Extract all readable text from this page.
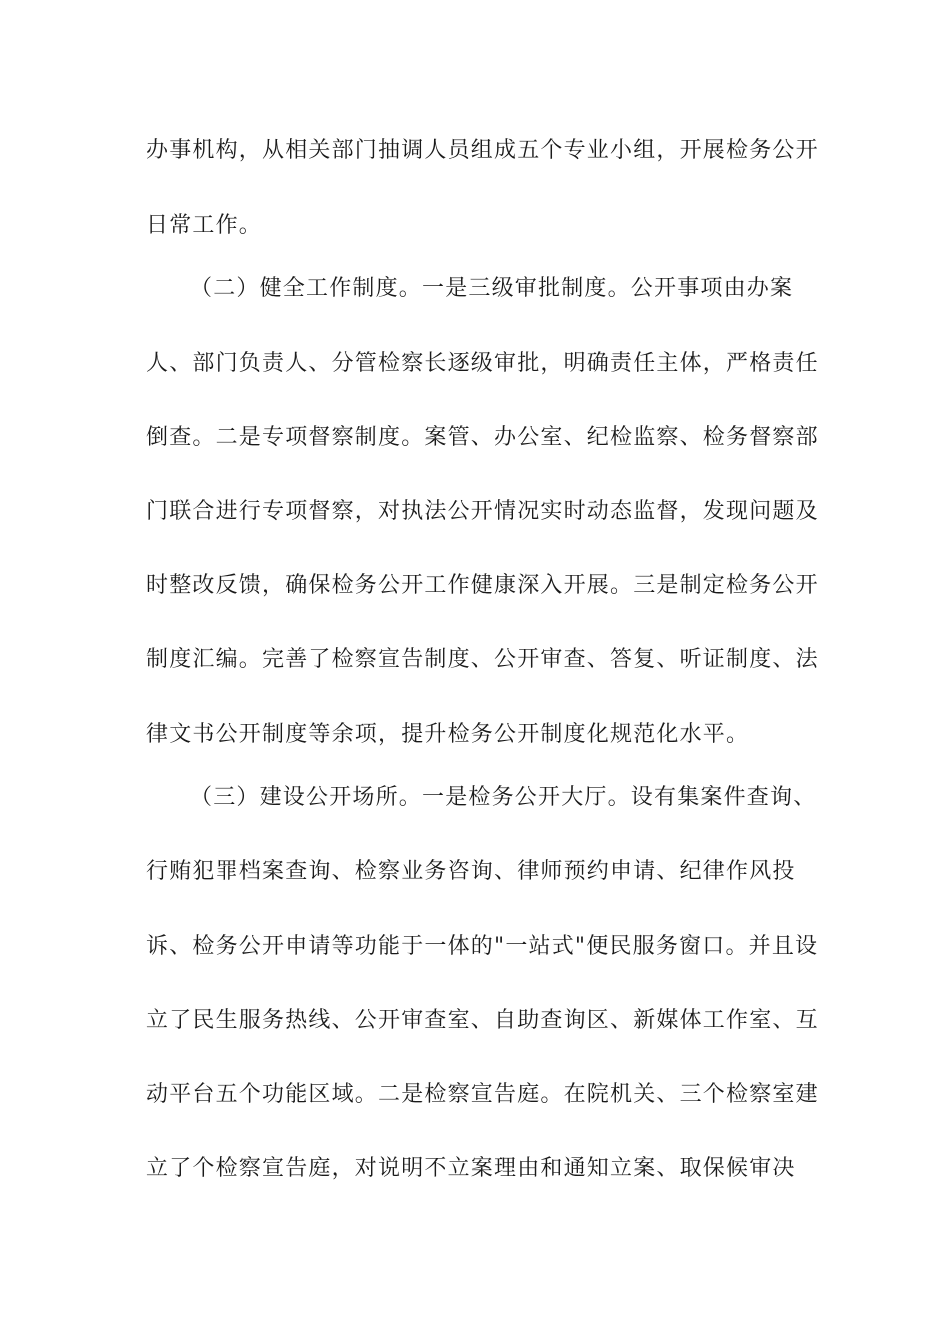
办事机构，从相关部门抽调人员组成五个专业小组，开展检务公开
日常工作。
（二）健全工作制度。一是三级审批制度。公开事项由办案
人、部门负责人、分管检察长逐级审批，明确责任主体，严格责任
倒查。二是专项督察制度。案管、办公室、纪检监察、检务督察部
门联合进行专项督察，对执法公开情况实时动态监督，发现问题及
时整改反馈，确保检务公开工作健康深入开展。三是制定检务公开
制度汇编。完善了检察宣告制度、公开审查、答复、听证制度、法
律文书公开制度等余项，提升检务公开制度化规范化水平。
（三）建设公开场所。一是检务公开大厅。设有集案件查询、
行贿犯罪档案查询、检察业务咨询、律师预约申请、纪律作风投
诉、检务公开申请等功能于一体的"一站式"便民服务窗口。并且设
立了民生服务热线、公开审查室、自助查询区、新媒体工作室、互
动平台五个功能区域。二是检察宣告庭。在院机关、三个检察室建
立了个检察宣告庭，对说明不立案理由和通知立案、取保候审决
